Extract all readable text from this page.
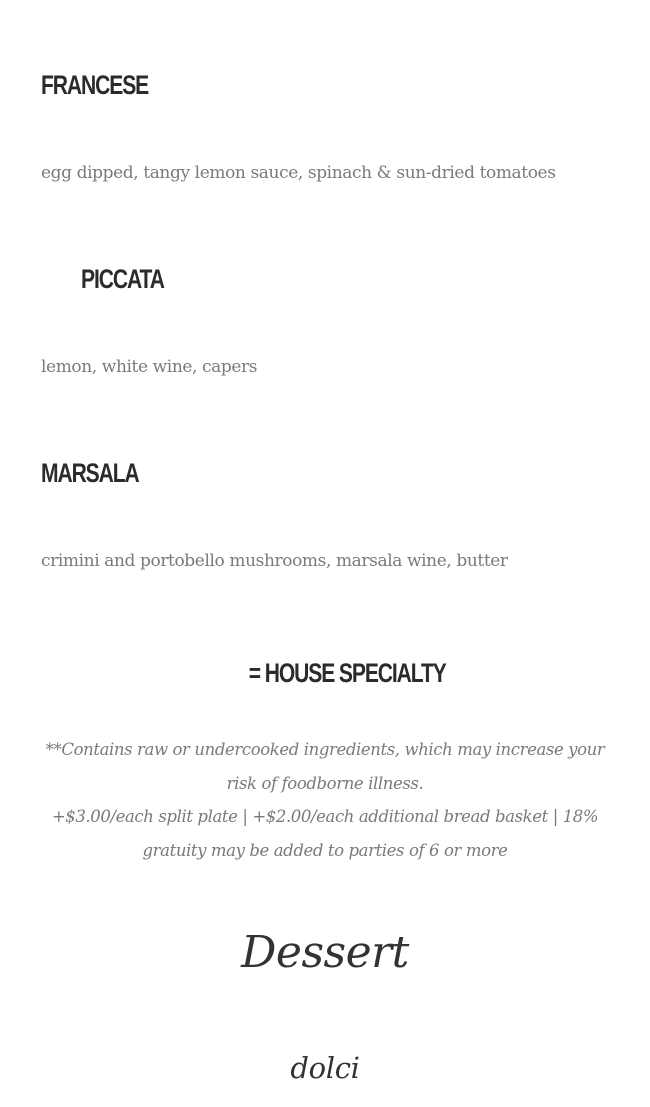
FRANCESE

egg dipped, tangy lemon sauce, spinach & sun-dried tomatoes

PICCATA

lemon, white wine, capers

MARSALA

crimini and portobello mushrooms, marsala wine, butter

= HOUSE SPECIALTY

**Contains raw or undercooked ingredients, which may increase your risk of foodborne illness.

+$3.00/each split plate | +$2.00/each additional bread basket | 18% gratuity may be added to parties of 6 or more

Dessert

dolci
